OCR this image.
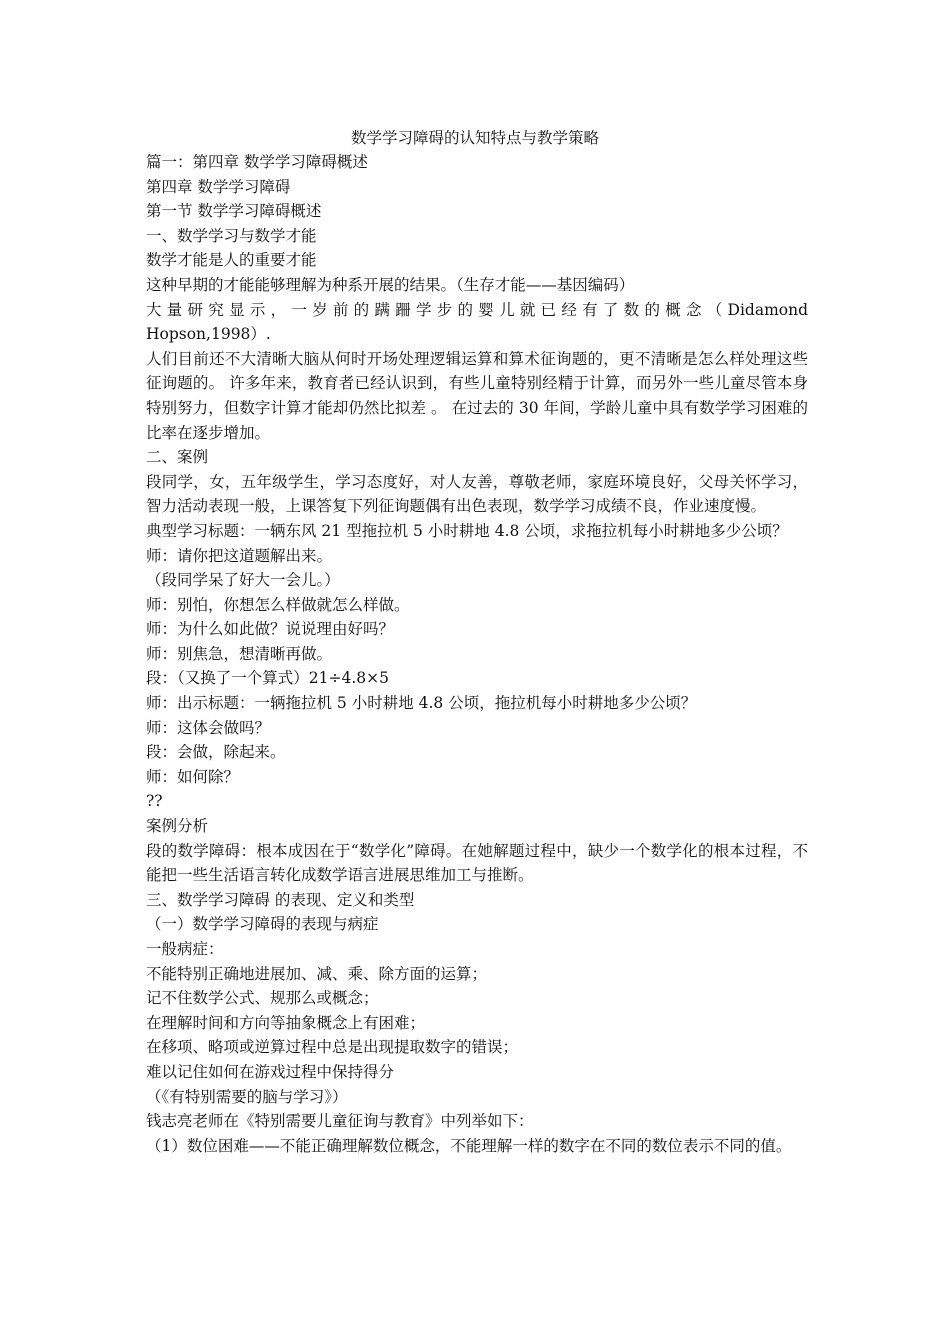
数学学习障碍的认知特点与教学策略

篇一：第四章 数学学习障碍概述

第四章 数学学习障碍

第一节 数学学习障碍概述

一、数学学习与数学才能

数学才能是人的重要才能

这种早期的才能能够理解为种系开展的结果。（生存才能——基因编码）

大量研究显示，一岁前的蹒跚学步的婴儿就已经有了数的概念（Didamond

Hopson,1998）.

人们目前还不大清晰大脑从何时开场处理逻辑运算和算术征询题的，更不清晰是怎么样处理这些征询题的。 许多年来，教育者已经认识到，有些儿童特别经精于计算，而另外一些儿童尽管本身特别努力，但数字计算才能却仍然比拟差 。 在过去的 30 年间，学龄儿童中具有数学学习困难的比率在逐步增加。

二、案例

段同学，女，五年级学生，学习态度好，对人友善，尊敬老师，家庭环境良好，父母关怀学习，智力活动表现一般，上课答复下列征询题偶有出色表现，数学学习成绩不良，作业速度慢。

典型学习标题：一辆东风 21 型拖拉机 5 小时耕地 4.8 公顷，求拖拉机每小时耕地多少公顷？

师：请你把这道题解出来。

（段同学呆了好大一会儿。）

师：别怕，你想怎么样做就怎么样做。

师：为什么如此做？说说理由好吗？

师：别焦急，想清晰再做。

段：（又换了一个算式）21÷4.8×5

师：出示标题：一辆拖拉机 5 小时耕地 4.8 公顷，拖拉机每小时耕地多少公顷？

师：这体会做吗？

段：会做，除起来。

师：如何除？

??

案例分析

段的数学障碍：根本成因在于“数学化”障碍。在她解题过程中，缺少一个数学化的根本过程，不能把一些生活语言转化成数学语言进展思维加工与推断。

三、数学学习障碍 的表现、定义和类型

（一）数学学习障碍的表现与病症

一般病症：

不能特别正确地进展加、减、乘、除方面的运算；

记不住数学公式、规那么或概念；

在理解时间和方向等抽象概念上有困难；

在移项、略项或逆算过程中总是出现提取数字的错误；

难以记住如何在游戏过程中保持得分

（《有特别需要的脑与学习》）

钱志亮老师在《特别需要儿童征询与教育》中列举如下：

（1）数位困难——不能正确理解数位概念，不能理解一样的数字在不同的数位表示不同的值。
